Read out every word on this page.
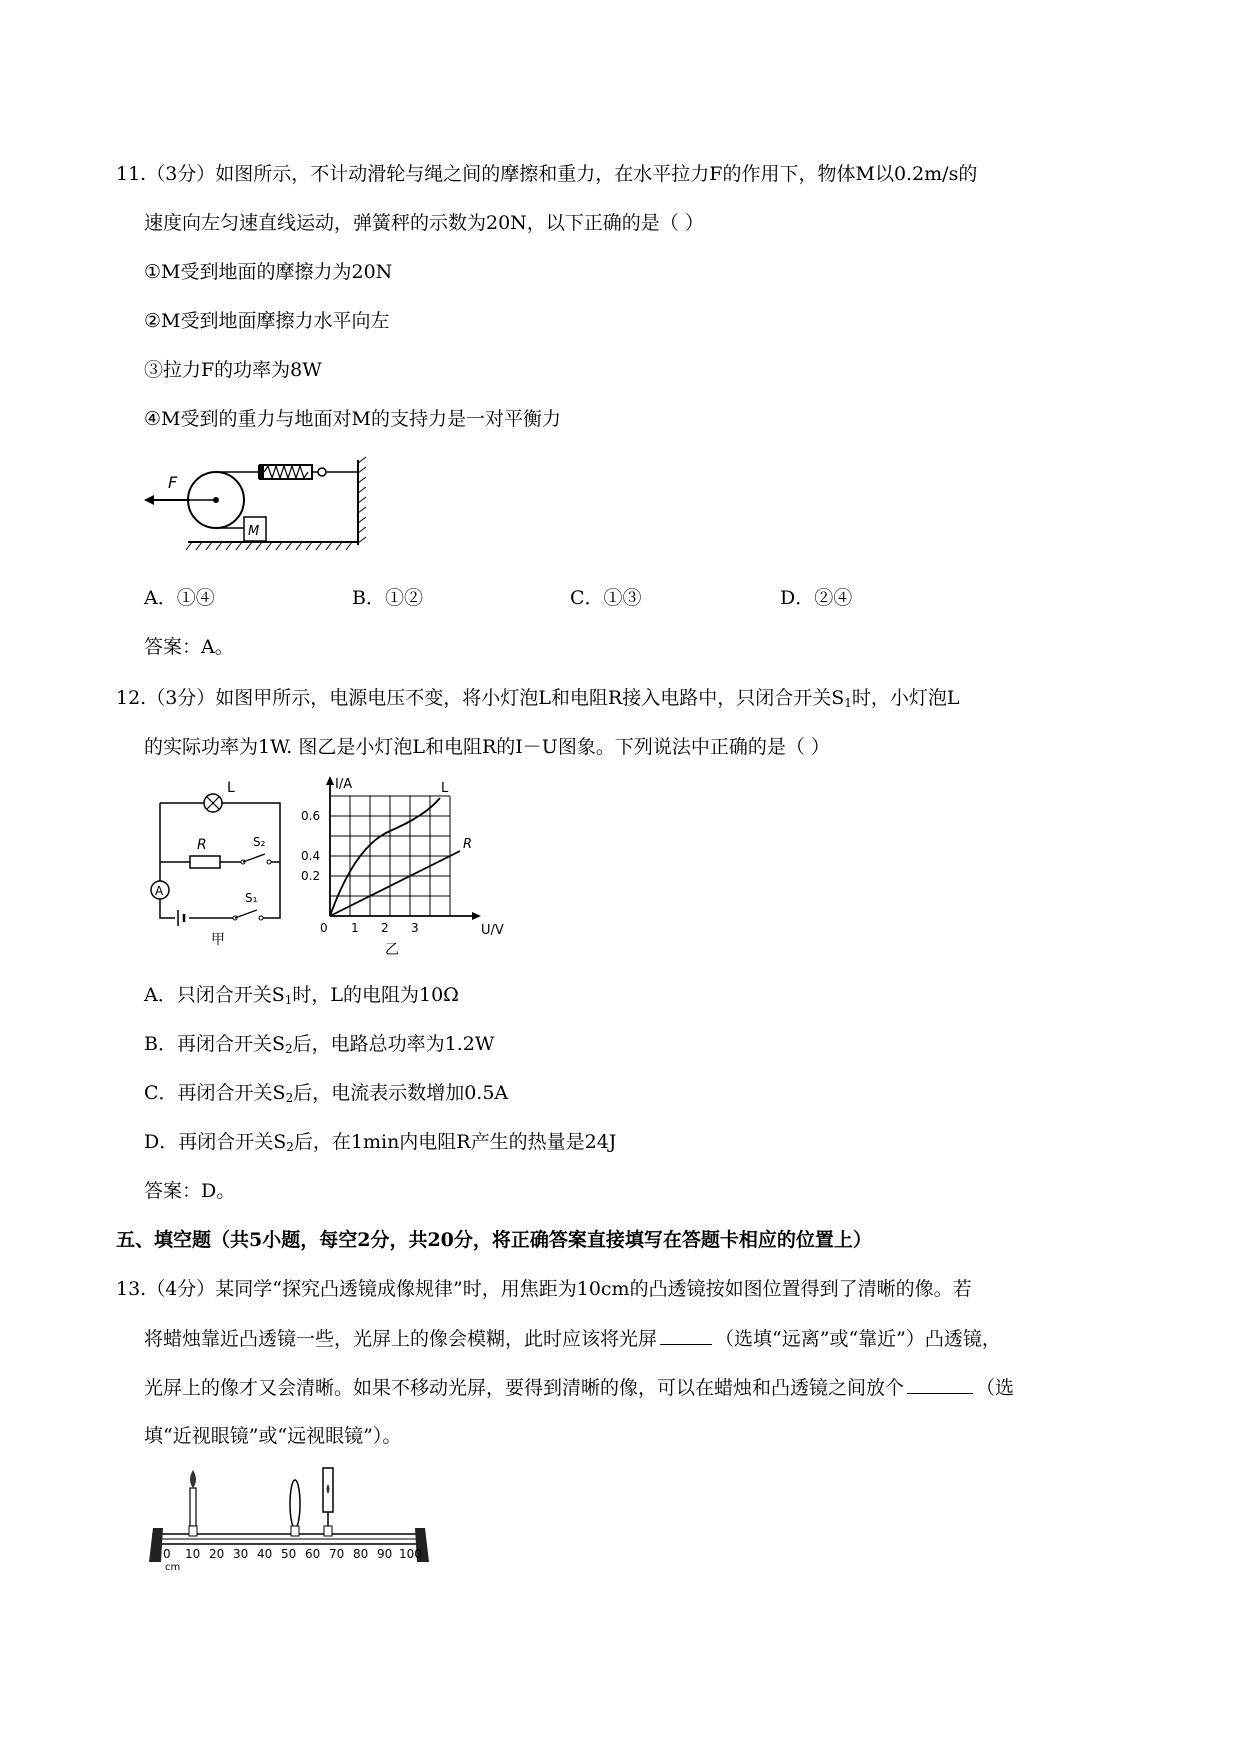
11.（3分）如图所示，不计动滑轮与绳之间的摩擦和重力，在水平拉力F的作用下，物体M以0.2m/s的
速度向左匀速直线运动，弹簧秤的示数为20N，以下正确的是（ ）
①M受到地面的摩擦力为20N
②M受到地面摩擦力水平向左
③拉力F的功率为8W
④M受到的重力与地面对M的支持力是一对平衡力
F
M
A．①④	B．①②	C．①③	D．②④
答案：A。
12.（3分）如图甲所示，电源电压不变，将小灯泡L和电阻R接入电路中，只闭合开关$S_1$时，小灯泡L
的实际功率为1W. 图乙是小灯泡L和电阻R的I－U图象。下列说法中正确的是（ ）
L
R	S₂
A	S₁
甲
I/A
U/V
0
0.2
0.4
0.6
1 2 3
L
R
乙
A．只闭合开关$S_1$时，L的电阻为10Ω
B．再闭合开关$S_2$后，电路总功率为1.2W
C．再闭合开关$S_2$后，电流表示数增加0.5A
D．再闭合开关$S_2$后，在1min内电阻R产生的热量是24J
答案：D。
五、填空题（共5小题，每空2分，共20分，将正确答案直接填写在答题卡相应的位置上）
13.（4分）某同学“探究凸透镜成像规律”时，用焦距为10cm的凸透镜按如图位置得到了清晰的像。若
将蜡烛靠近凸透镜一些，光屏上的像会模糊，此时应该将光屏	（选填“远离”或“靠近”）凸透镜，
光屏上的像才又会清晰。如果不移动光屏，要得到清晰的像，可以在蜡烛和凸透镜之间放个	（选
填“近视眼镜”或“远视眼镜”）。
0 10 20 30 40 50 60 70 80 90 100
cm
